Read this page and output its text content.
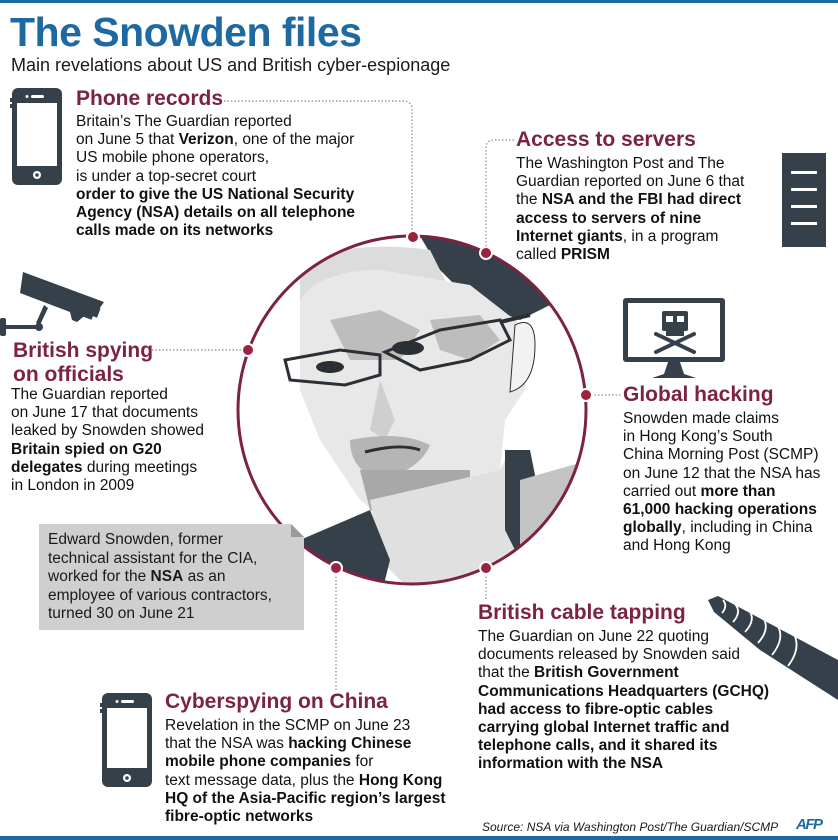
The Snowden files
Main revelations about US and British cyber-espionage
Phone records
Britain’s The Guardian reported
on June 5 that Verizon, one of the major
US mobile phone operators,
is under a top-secret court
order to give the US National Security
Agency (NSA) details on all telephone
calls made on its networks
Access to servers
The Washington Post and The
Guardian reported on June 6 that
the NSA and the FBI had direct
access to servers of nine
Internet giants, in a program
called PRISM
British spying
on officials
The Guardian reported
on June 17 that documents
leaked by Snowden showed
Britain spied on G20
delegates during meetings
in London in 2009
Global hacking
Snowden made claims
in Hong Kong’s South
China Morning Post (SCMP)
on June 12 that the NSA has
carried out more than
61,000 hacking operations
globally, including in China
and Hong Kong
Edward Snowden, former
technical assistant for the CIA,
worked for the NSA as an
employee of various contractors,
turned 30 on June 21	British cable tapping
The Guardian on June 22 quoting
documents released by Snowden said
that the British Government
Communications Headquarters (GCHQ)
had access to fibre-optic cables
carrying global Internet traffic and
telephone calls, and it shared its
information with the NSA
Cyberspying on China
Revelation in the SCMP on June 23
that the NSA was hacking Chinese
mobile phone companies for
text message data, plus the Hong Kong
HQ of the Asia-Pacific region’s largest
fibre-optic networks
Source: NSA via Washington Post/The Guardian/SCMP AFP
